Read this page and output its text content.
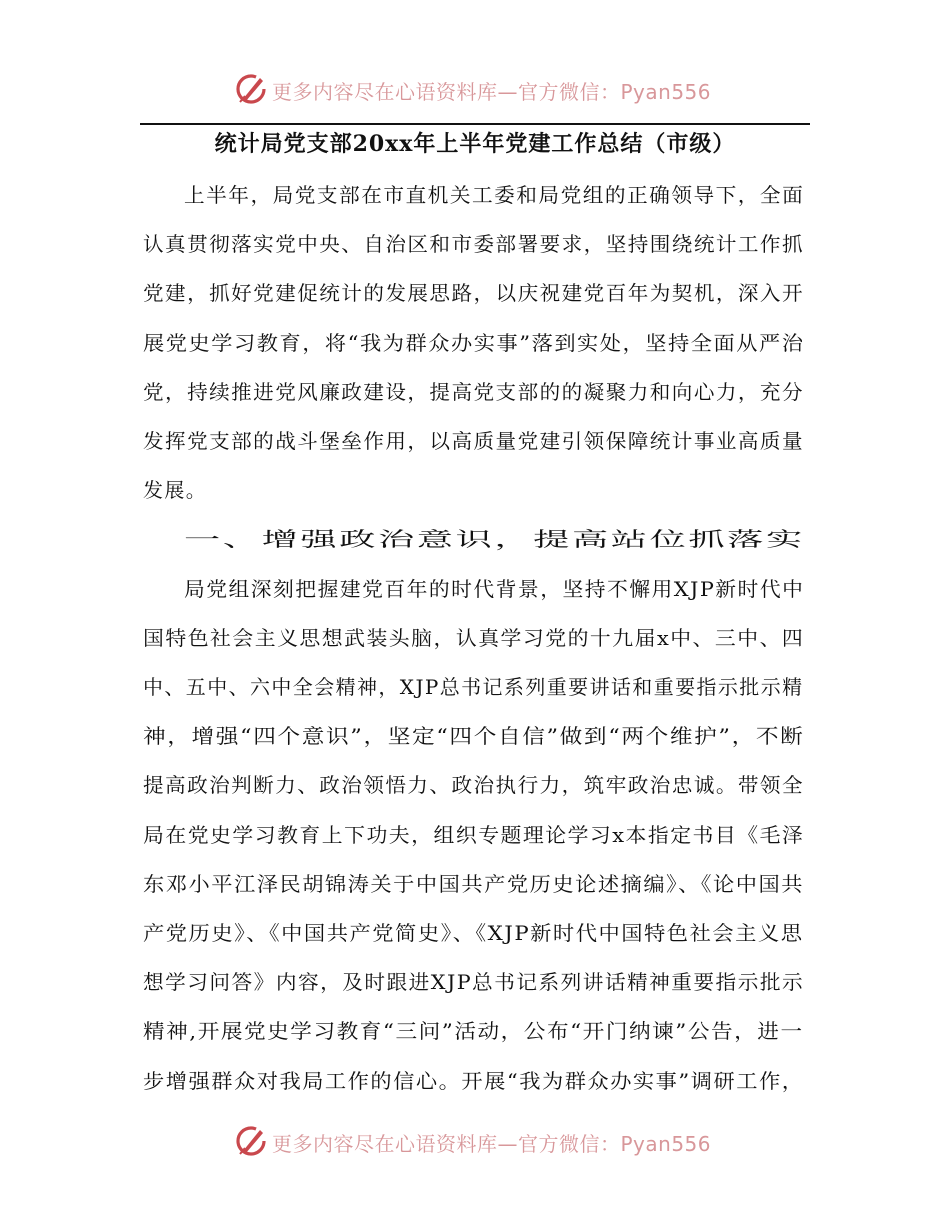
更多内容尽在心语资料库—官方微信：Pyan556
统计局党支部20xx年上半年党建工作总结（市级）
上半年，局党支部在市直机关工委和局党组的正确领导下，全面
认真贯彻落实党中央、自治区和市委部署要求，坚持围绕统计工作抓
党建，抓好党建促统计的发展思路，以庆祝建党百年为契机，深入开
展党史学习教育，将“我为群众办实事”落到实处，坚持全面从严治
党，持续推进党风廉政建设，提高党支部的的凝聚力和向心力，充分
发挥党支部的战斗堡垒作用，以高质量党建引领保障统计事业高质量
发展。
一、增强政治意识，提高站位抓落实
局党组深刻把握建党百年的时代背景，坚持不懈用XJP新时代中
国特色社会主义思想武装头脑，认真学习党的十九届x中、三中、四
中、五中、六中全会精神，XJP总书记系列重要讲话和重要指示批示精
神，增强“四个意识”，坚定“四个自信”做到“两个维护”，不断
提高政治判断力、政治领悟力、政治执行力，筑牢政治忠诚。带领全
局在党史学习教育上下功夫，组织专题理论学习x本指定书目《毛泽
东邓小平江泽民胡锦涛关于中国共产党历史论述摘编》、《论中国共
产党历史》、《中国共产党简史》、《XJP新时代中国特色社会主义思
想学习问答》内容，及时跟进XJP总书记系列讲话精神重要指示批示
精神,开展党史学习教育“三问”活动，公布“开门纳谏”公告，进一
步增强群众对我局工作的信心。开展“我为群众办实事”调研工作，
更多内容尽在心语资料库—官方微信：Pyan556
